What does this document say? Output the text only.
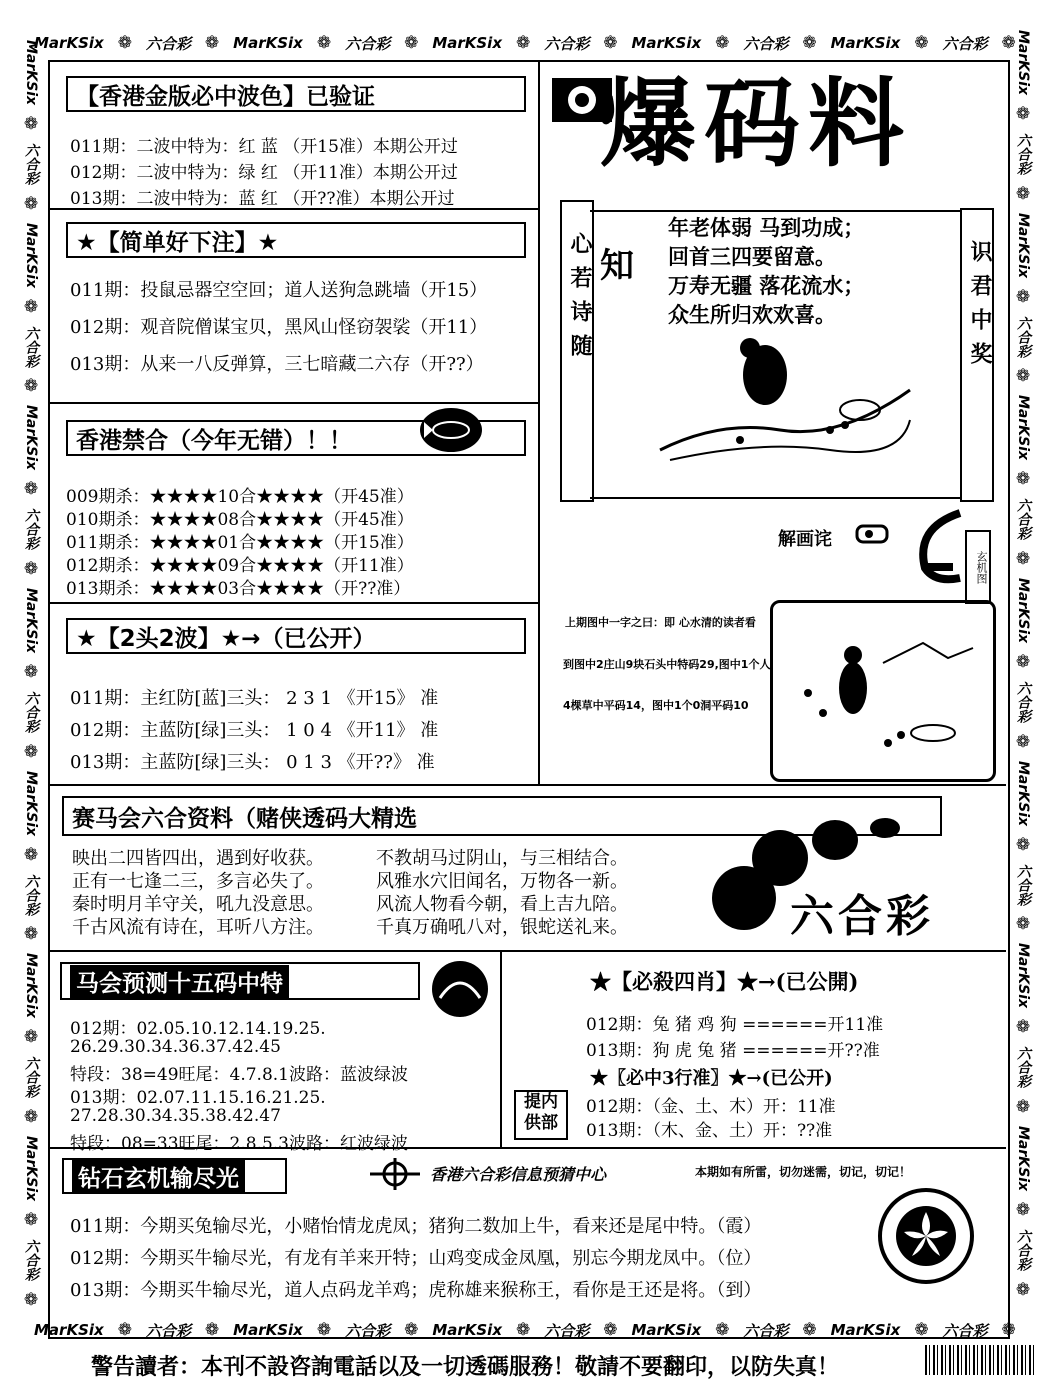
MarKSix ❁ 六合彩 ❁ MarKSix ❁ 六合彩 ❁ MarKSix ❁ 六合彩 ❁ MarKSix ❁ 六合彩 ❁ MarKSix ❁ 六合彩 ❁
MarKSix ❁ 六合彩 ❁ MarKSix ❁ 六合彩 ❁ MarKSix ❁ 六合彩 ❁ MarKSix ❁ 六合彩 ❁ MarKSix ❁ 六合彩 ❁
MarKSix
❁
六合彩
❁
MarKSix
❁
六合彩
❁
MarKSix
❁
六合彩
❁
MarKSix
❁
六合彩
❁
MarKSix
❁
六合彩
❁
MarKSix
❁
六合彩
❁
MarKSix
❁
六合彩
❁
MarKSix
❁
六合彩
❁
MarKSix
❁
六合彩
❁
MarKSix
❁
六合彩
❁
MarKSix
❁
六合彩
❁
MarKSix
❁
六合彩
❁
MarKSix
❁
六合彩
❁
MarKSix
❁
六合彩
❁
【香港金版必中波色】已验证
011期：二波中特为：红 蓝 （开15准）本期公开过
012期：二波中特为：绿 红 （开11准）本期公开过
013期：二波中特为：蓝 红 （开??准）本期公开过
★【简单好下注】★
011期：投鼠忌器空空回；道人送狗急跳墙（开15）
012期：观音院僧谋宝贝，黑风山怪窃袈裟（开11）
013期：从来一八反弹算，三七暗藏二六存（开??）
香港禁合（今年无错）！！
009期杀：★★★★10合★★★★（开45准）
010期杀：★★★★08合★★★★（开45准）
011期杀：★★★★01合★★★★（开15准）
012期杀：★★★★09合★★★★（开11准）
013期杀：★★★★03合★★★★（开??准）
★【2头2波】★→（已公开）
011期：主红防[蓝]三头： 2 3 1 《开15》 准
012期：主蓝防[绿]三头： 1 0 4 《开11》 准
013期：主蓝防[绿]三头： 0 1 3 《开??》 准
爆码料
心若诗随	识君中奖
知
年老体弱 马到功成；
回首三四要留意。
万寿无疆 落花流水；
众生所归欢欢喜。
解画诧
玄机图
上期图中一字之曰：即 心水清的读者看
到图中2庄山9块石头中特码29,图中1个人
4棵草中平码14，图中1个0洞平码10
赛马会六合资料（赌侠透码大精选
映出二四皆四出，遇到好收获。
正有一七逢二三，多言必失了。
秦时明月羊守关，吼九没意思。
千古风流有诗在，耳听八方注。
不教胡马过阴山，与三相结合。
风雅水穴旧闻名，万物各一新。
风流人物看今朝，看上吉九陪。
千真万确吼八对，银蛇送礼来。	六合彩
马会预测十五码中特
012期：02.05.10.12.14.19.25.
26.29.30.34.36.37.42.45
特段：38=49旺尾：4.7.8.1波路：蓝波绿波
013期：02.07.11.15.16.21.25.
27.28.30.34.35.38.42.47
特段：08=33旺尾：2.8.5.3波路：红波绿波
★【必殺四肖】★→(已公開)
012期：兔 猪 鸡 狗 ======开11准
013期：狗 虎 兔 猪 ======开??准
★〖必中3行准〗★→(已公开)
012期：（金、土、木）开：11准
013期：（木、金、土）开：??准
提内供部
钻石玄机输尽光	香港六合彩信息预猜中心	本期如有所雷，切勿迷需，切记，切记！
011期：今期买兔输尽光，小赌怡情龙虎凤；猪狗二数加上牛，看来还是尾中特。（霞）
012期：今期买牛输尽光，有龙有羊来开特；山鸡变成金凤凰，别忘今期龙凤中。（位）
013期：今期买牛输尽光，道人点码龙羊鸡；虎称雄来猴称王，看你是王还是将。（到）
警告讀者：本刊不設咨詢電話以及一切透碼服務！敬請不要翻印，以防失真！
